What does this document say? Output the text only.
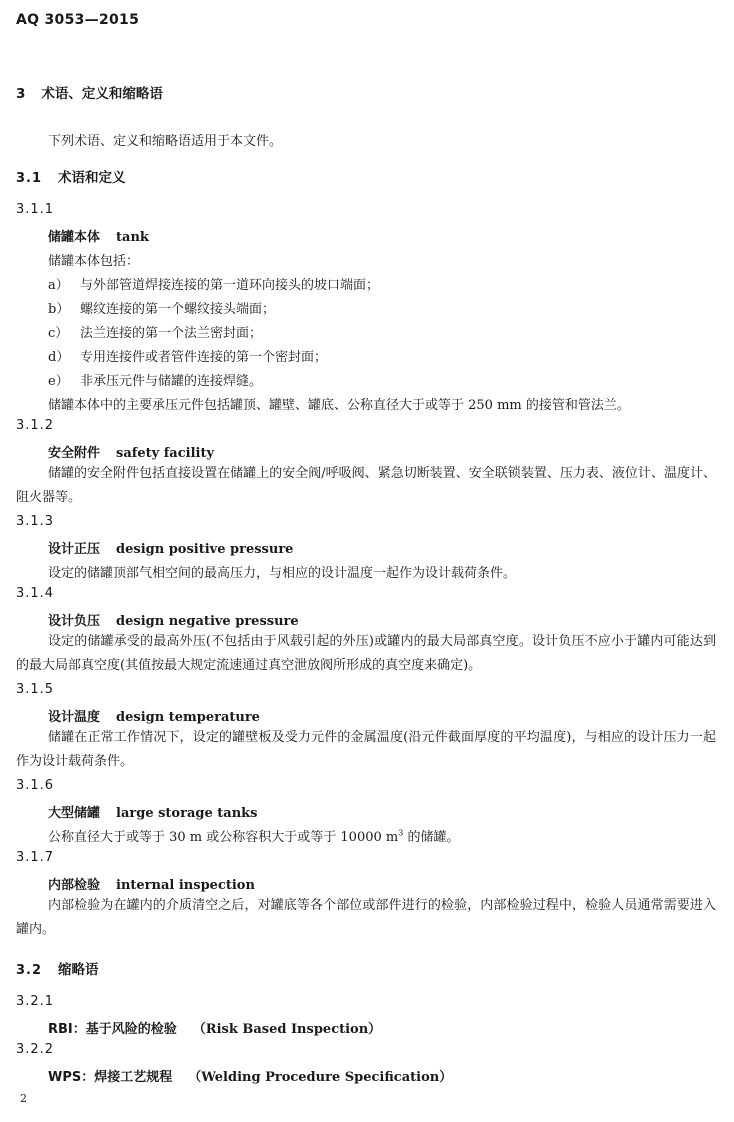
AQ 3053—2015
3 术语、定义和缩略语
下列术语、定义和缩略语适用于本文件。
3.1 术语和定义
3.1.1
储罐本体 tank
储罐本体包括：
a） 与外部管道焊接连接的第一道环向接头的坡口端面；
b） 螺纹连接的第一个螺纹接头端面；
c） 法兰连接的第一个法兰密封面；
d） 专用连接件或者管件连接的第一个密封面；
e） 非承压元件与储罐的连接焊缝。
储罐本体中的主要承压元件包括罐顶、罐壁、罐底、公称直径大于或等于 250 mm 的接管和管法兰。
3.1.2
安全附件 safety facility
储罐的安全附件包括直接设置在储罐上的安全阀/呼吸阀、紧急切断装置、安全联锁装置、压力表、液位计、温度计、阻火器等。
3.1.3
设计正压 design positive pressure
设定的储罐顶部气相空间的最高压力，与相应的设计温度一起作为设计载荷条件。
3.1.4
设计负压 design negative pressure
设定的储罐承受的最高外压(不包括由于风载引起的外压)或罐内的最大局部真空度。设计负压不应小于罐内可能达到的最大局部真空度(其值按最大规定流速通过真空泄放阀所形成的真空度来确定)。
3.1.5
设计温度 design temperature
储罐在正常工作情况下，设定的罐壁板及受力元件的金属温度(沿元件截面厚度的平均温度)，与相应的设计压力一起作为设计载荷条件。
3.1.6
大型储罐 large storage tanks
公称直径大于或等于 30 m 或公称容积大于或等于 10000 $m^3$ 的储罐。
3.1.7
内部检验 internal inspection
内部检验为在罐内的介质清空之后，对罐底等各个部位或部件进行的检验，内部检验过程中，检验人员通常需要进入罐内。
3.2 缩略语
3.2.1
RBI：基于风险的检验 （Risk Based Inspection）
3.2.2
WPS：焊接工艺规程 （Welding Procedure Specification）
2
